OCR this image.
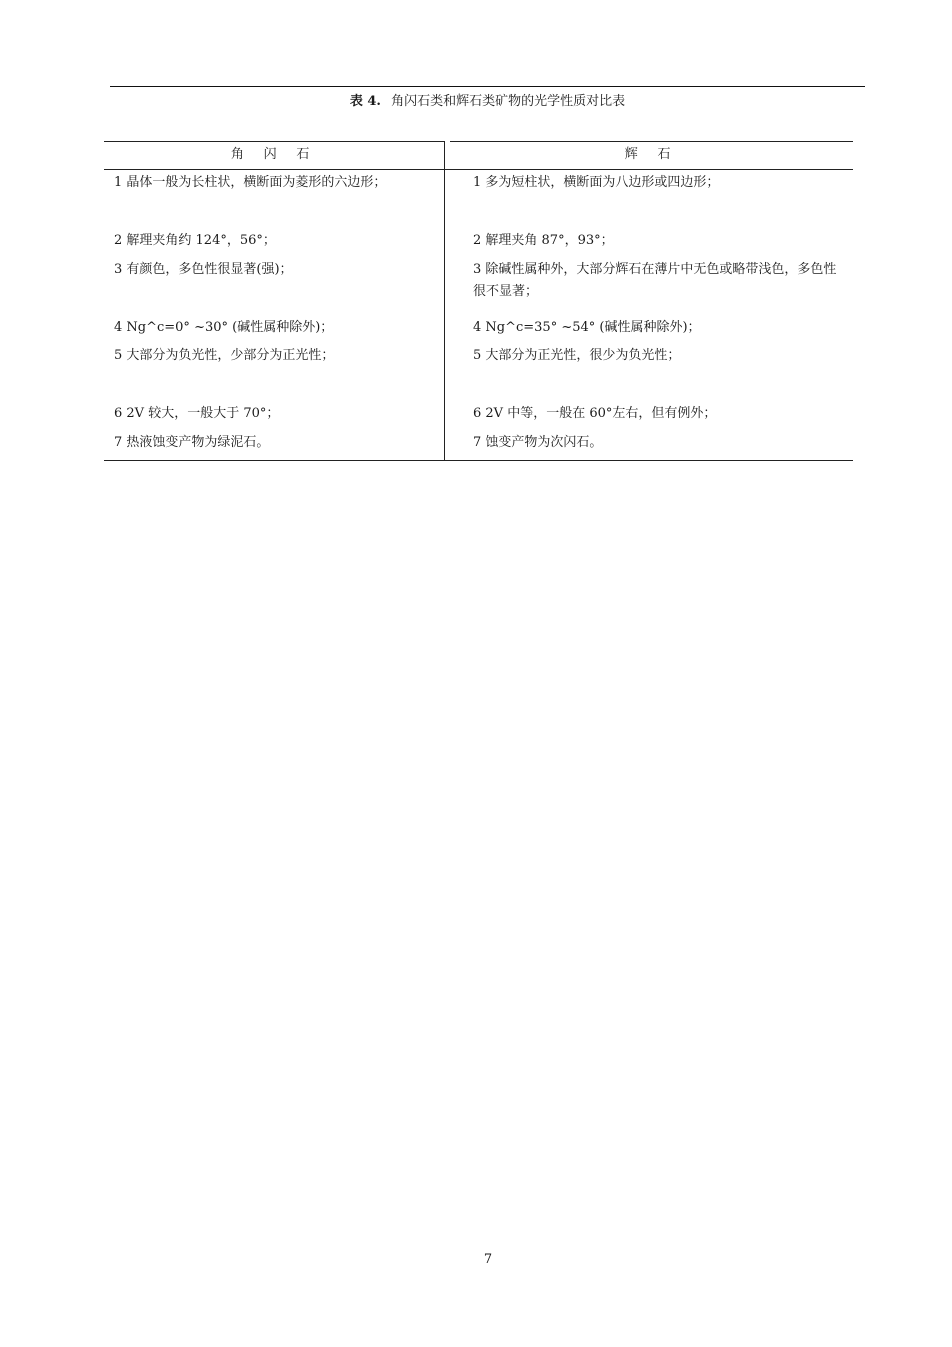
表 4. 角闪石类和辉石类矿物的光学性质对比表
角 闪 石	辉 石
1 晶体一般为长柱状，横断面为菱形的六边形；
2 解理夹角约 124°，56°；
3 有颜色，多色性很显著(强)；
4 Ng^c=0° ~30° (碱性属种除外)；
5 大部分为负光性，少部分为正光性；
6 2V 较大，一般大于 70°；
7 热液蚀变产物为绿泥石。
1 多为短柱状，横断面为八边形或四边形；
2 解理夹角 87°，93°；
3 除碱性属种外，大部分辉石在薄片中无色或略带浅色，多色性很不显著；
4 Ng^c=35° ~54° (碱性属种除外)；
5 大部分为正光性，很少为负光性；
6 2V 中等，一般在 60°左右，但有例外；
7 蚀变产物为次闪石。
7
